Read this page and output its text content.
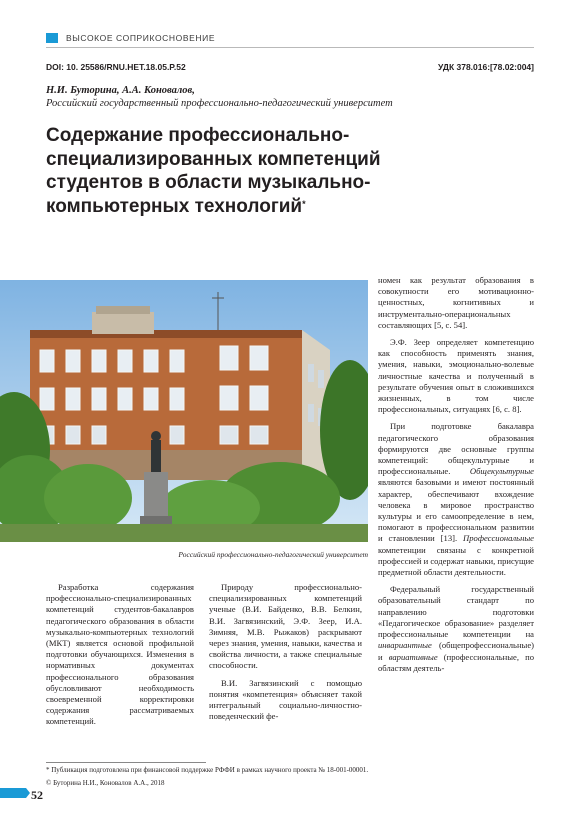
ВЫСОКОЕ СОПРИКОСНОВЕНИЕ
DOI: 10. 25586/RNU.HET.18.05.P.52	УДК 378.016:[78.02:004]
Н.И. Буторина, А.А. Коновалов,
Российский государственный профессионально-педагогический университет
Содержание профессионально-специализированных компетенций студентов в области музыкально-компьютерных технологий*
Российский профессионально-педагогический университет

Разработка содержания профессионально-специализированных компетенций студентов-бакалавров педагогического образования в области музыкально-компьютерных технологий (МКТ) является основой профильной подготовки обучающихся. Изменения в нормативных документах профессионального образования обусловливают необходимость своевременной корректировки содержания рассматриваемых компетенций.

Природу профессионально-специализированных компетенций ученые (В.И. Байденко, В.В. Белкин, В.И. Загвязинский, Э.Ф. Зеер, И.А. Зимняя, М.В. Рыжаков) раскрывают через знания, умения, навыки, качества и свойства личности, а также специальные способности.

В.И. Загвязинский с помощью понятия «компетенция» объясняет такой интегральный социально-личностно-поведенческий фе-

номен как результат образования в совокупности его мотивационно-ценностных, когнитивных и инструментально-операциональных составляющих [5, с. 54].

Э.Ф. Зеер определяет компетенцию как способность применять знания, умения, навыки, эмоционально-волевые личностные качества и полученный в результате обучения опыт в сложившихся жизненных, в том числе профессиональных, ситуациях [6, с. 8].

При подготовке бакалавра педагогического образования формируются две основные группы компетенций: общекультурные и профессиональные. Общекультурные являются базовыми и имеют постоянный характер, обеспечивают вхождение человека в мировое пространство культуры и его самоопределение в нем, помогают в профессиональном развитии и становлении [13]. Профессиональные компетенции связаны с конкретной профессией и содержат навыки, присущие предметной области деятельности.

Федеральный государственный образовательный стандарт по направлению подготовки «Педагогическое образование» разделяет профессиональные компетенции на инвариантные (общепрофессиональные) и вариативные (профессиональные, по областям деятель-

* Публикация подготовлена при финансовой поддержке РФФИ в рамках научного проекта № 18-001-00001.
© Буторина Н.И., Коновалов А.А., 2018
52
